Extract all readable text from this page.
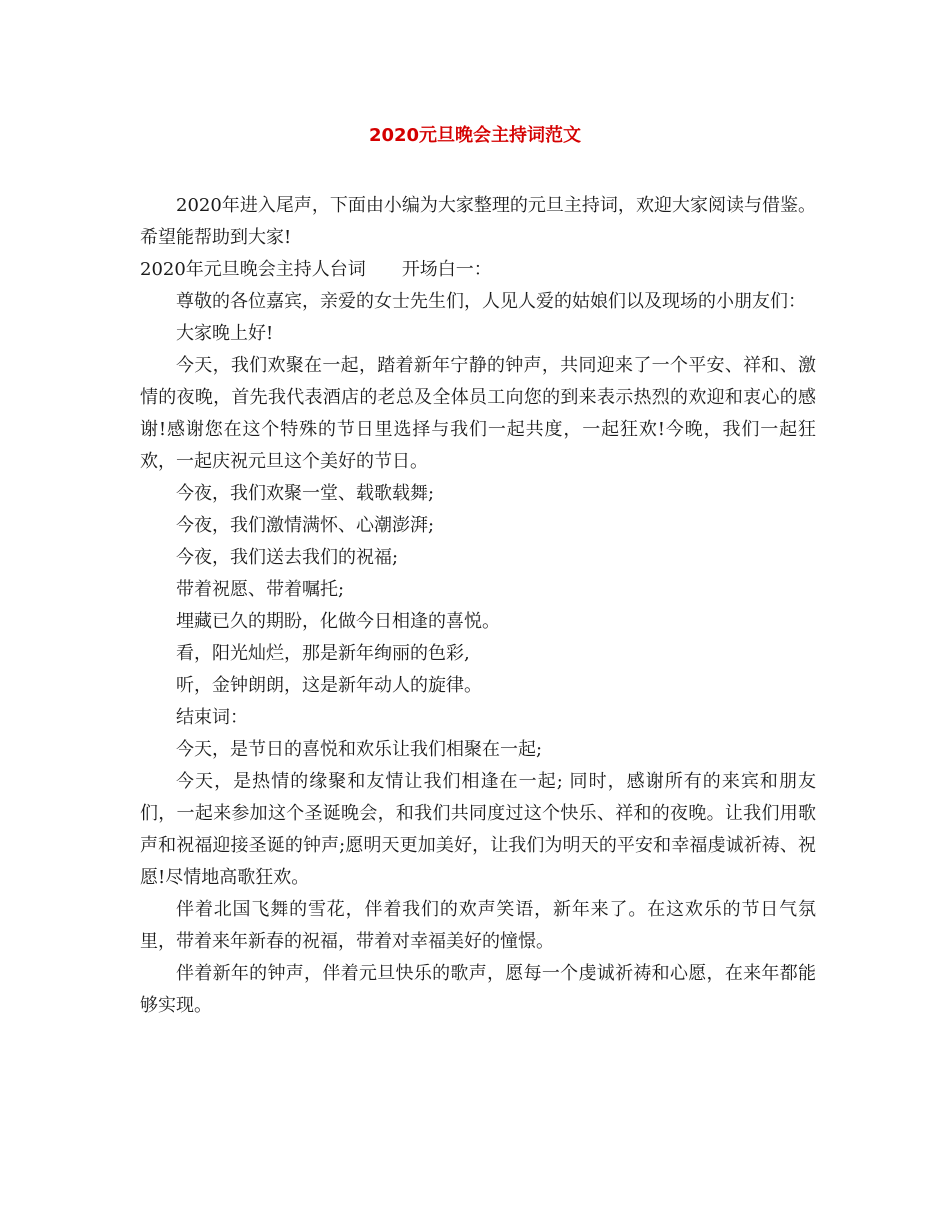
2020元旦晚会主持词范文

2020年进入尾声，下面由小编为大家整理的元旦主持词，欢迎大家阅读与借鉴。希望能帮助到大家!

2020年元旦晚会主持人台词 开场白一：

尊敬的各位嘉宾，亲爱的女士先生们，人见人爱的姑娘们以及现场的小朋友们：

大家晚上好!

今天，我们欢聚在一起，踏着新年宁静的钟声，共同迎来了一个平安、祥和、激情的夜晚，首先我代表酒店的老总及全体员工向您的到来表示热烈的欢迎和衷心的感谢!感谢您在这个特殊的节日里选择与我们一起共度，一起狂欢!今晚，我们一起狂欢，一起庆祝元旦这个美好的节日。

今夜，我们欢聚一堂、载歌载舞;

今夜，我们激情满怀、心潮澎湃;

今夜，我们送去我们的祝福;

带着祝愿、带着嘱托;

埋藏已久的期盼，化做今日相逢的喜悦。

看，阳光灿烂，那是新年绚丽的色彩,

听，金钟朗朗，这是新年动人的旋律。

结束词：

今天，是节日的喜悦和欢乐让我们相聚在一起;

今天，是热情的缘聚和友情让我们相逢在一起; 同时，感谢所有的来宾和朋友们，一起来参加这个圣诞晚会，和我们共同度过这个快乐、祥和的夜晚。让我们用歌声和祝福迎接圣诞的钟声;愿明天更加美好，让我们为明天的平安和幸福虔诚祈祷、祝愿!尽情地高歌狂欢。

伴着北国飞舞的雪花，伴着我们的欢声笑语，新年来了。在这欢乐的节日气氛里，带着来年新春的祝福，带着对幸福美好的憧憬。

伴着新年的钟声，伴着元旦快乐的歌声，愿每一个虔诚祈祷和心愿，在来年都能够实现。
